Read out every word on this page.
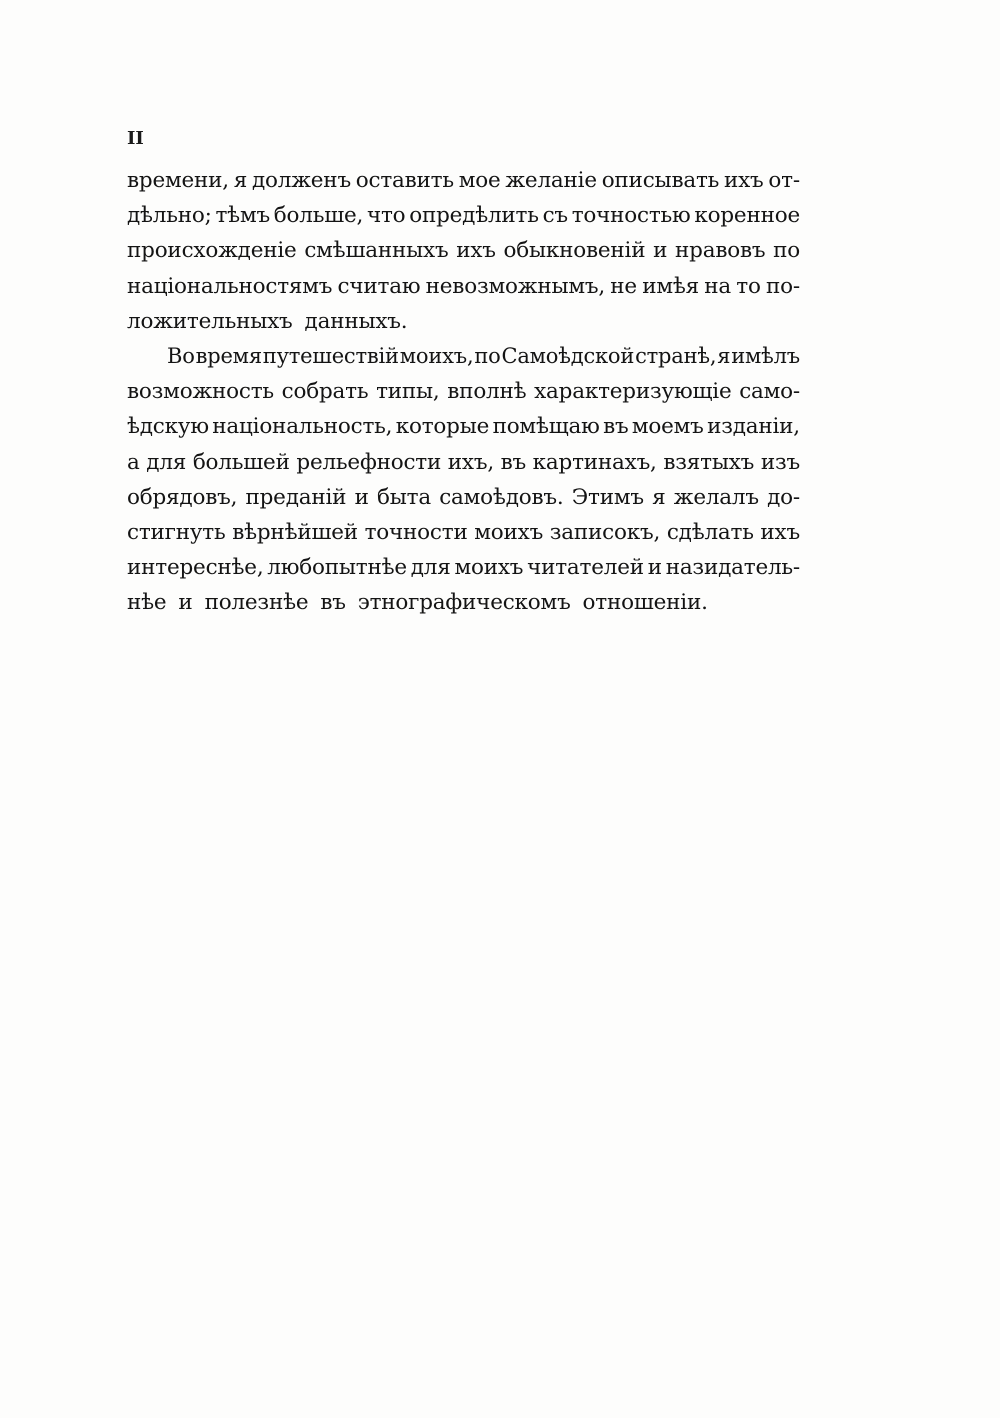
II
времени, я долженъ оставить мое желаніе описывать ихъ от-
дѣльно; тѣмъ больше, что опредѣлить съ точностью коренное
происхожденіе смѣшанныхъ ихъ обыкновеній и нравовъ по
національностямъ считаю невозможнымъ, не имѣя на то по-
ложительныхъ данныхъ.
Во время путешествій моихъ, по Самоѣдской странѣ, я имѣлъ
возможность собрать типы, вполнѣ характеризующіе само-
ѣдскую національность, которые помѣщаю въ моемъ изданіи,
а для большей рельефности ихъ, въ картинахъ, взятыхъ изъ
обрядовъ, преданій и быта самоѣдовъ. Этимъ я желалъ до-
стигнуть вѣрнѣйшей точности моихъ записокъ, сдѣлать ихъ
интереснѣе, любопытнѣе для моихъ читателей и назидатель-
нѣе и полезнѣе въ этнографическомъ отношеніи.
